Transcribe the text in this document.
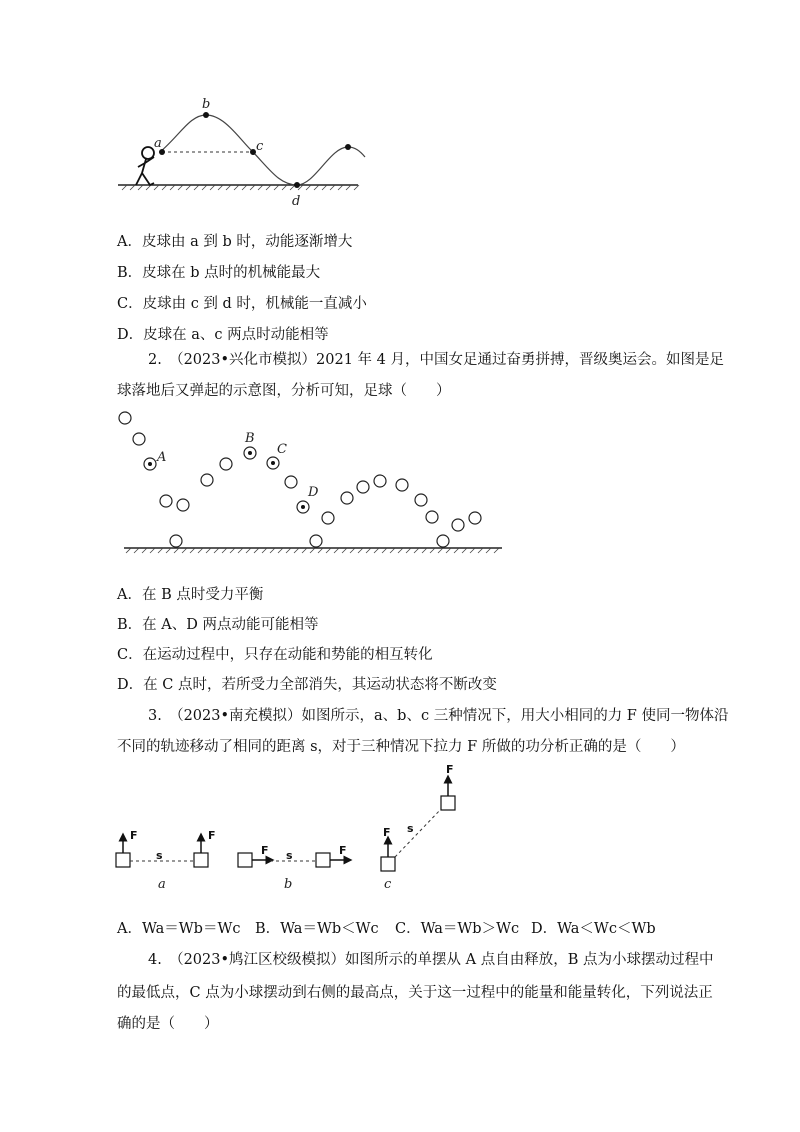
a
b
c
d
A．皮球由 a 到 b 时，动能逐渐增大
B．皮球在 b 点时的机械能最大
C．皮球由 c 到 d 时，机械能一直减小
D．皮球在 a、c 两点时动能相等
2.　（2023•兴化市模拟）2021 年 4 月，中国女足通过奋勇拼搏，晋级奥运会。如图是足
球落地后又弹起的示意图，分析可知，足球（　　）
A
B
C
D
A．在 B 点时受力平衡
B．在 A、D 两点动能可能相等
C．在运动过程中，只存在动能和势能的相互转化
D．在 C 点时，若所受力全部消失，其运动状态将不断改变
3.　（2023•南充模拟）如图所示，a、b、c 三种情况下，用大小相同的力 F 使同一物体沿
不同的轨迹移动了相同的距离 s，对于三种情况下拉力 F 所做的功分析正确的是（　　）
F
s
F
a
F s	F
b
F s
F
c
A．Wa＝Wb＝Wc B．Wa＝Wb＜Wc C．Wa＝Wb＞Wc D．Wa＜Wc＜Wb
4.　（2023•鸠江区校级模拟）如图所示的单摆从 A 点自由释放，B 点为小球摆动过程中
的最低点，C 点为小球摆动到右侧的最高点，关于这一过程中的能量和能量转化，下列说法正
确的是（　　）
